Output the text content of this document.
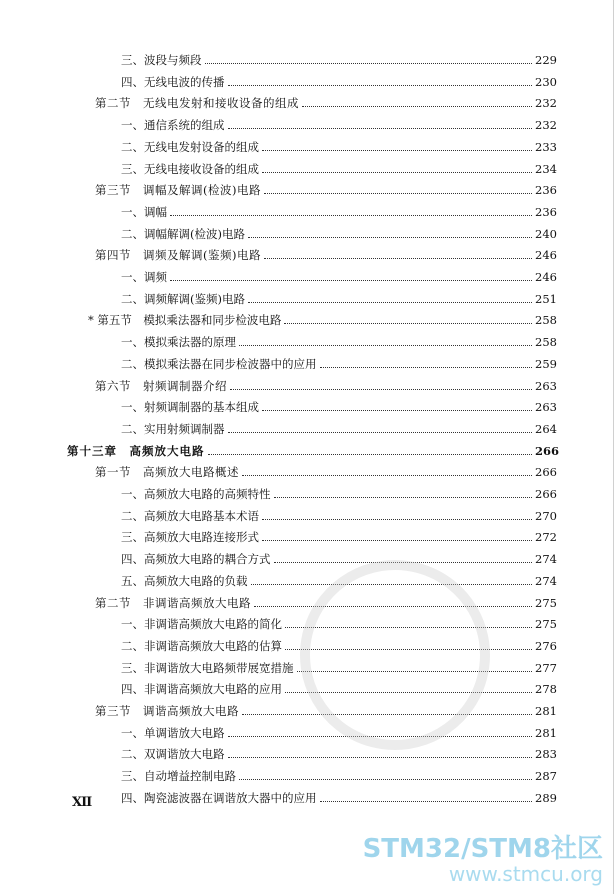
三、波段与频段	229
四、无线电波的传播	230
第二节　无线电发射和接收设备的组成	232
一、通信系统的组成	232
二、无线电发射设备的组成	233
三、无线电接收设备的组成	234
第三节　调幅及解调(检波)电路	236
一、调幅	236
二、调幅解调(检波)电路	240
第四节　调频及解调(鉴频)电路	246
一、调频	246
二、调频解调(鉴频)电路	251
* 第五节　模拟乘法器和同步检波电路	258
一、模拟乘法器的原理	258
二、模拟乘法器在同步检波器中的应用	259
第六节　射频调制器介绍	263
一、射频调制器的基本组成	263
二、实用射频调制器	264
第十三章　高频放大电路	266
第一节　高频放大电路概述	266
一、高频放大电路的高频特性	266
二、高频放大电路基本术语	270
三、高频放大电路连接形式	272
四、高频放大电路的耦合方式	274
五、高频放大电路的负载	274
第二节　非调谐高频放大电路	275
一、非调谐高频放大电路的简化	275
二、非调谐高频放大电路的估算	276
三、非调谐放大电路频带展宽措施	277
四、非调谐高频放大电路的应用	278
第三节　调谐高频放大电路	281
一、单调谐放大电路	281
二、双调谐放大电路	283
三、自动增益控制电路	287
四、陶瓷滤波器在调谐放大器中的应用	289
XII
STM32/STM8社区
www.stmcu.org
